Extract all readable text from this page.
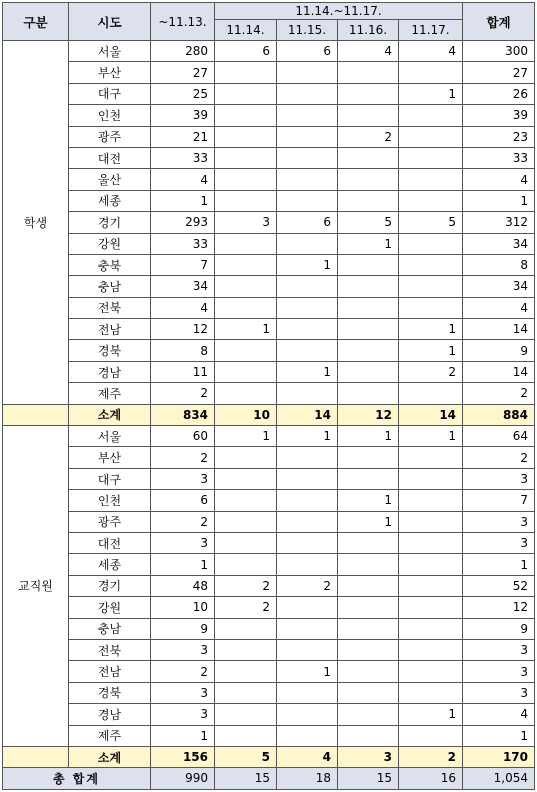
구분	시도	~11.13.	11.14.~11.17.				합계
			11.14.	11.15.	11.16.	11.17.	
학생	서울	280	6	6	4	4	300
	부산	27					27
	대구	25				1	26
	인천	39					39
	광주	21			2		23
	대전	33					33
	울산	4					4
	세종	1					1
	경기	293	3	6	5	5	312
	강원	33			1		34
	충북	7		1			8
	충남	34					34
	전북	4					4
	전남	12	1			1	14
	경북	8				1	9
	경남	11		1		2	14
	제주	2					2
	소계	834	10	14	12	14	884
교직원	서울	60	1	1	1	1	64
	부산	2					2
	대구	3					3
	인천	6			1		7
	광주	2			1		3
	대전	3					3
	세종	1					1
	경기	48	2	2			52
	강원	10	2				12
	충남	9					9
	전북	3					3
	전남	2		1			3
	경북	3					3
	경남	3				1	4
	제주	1					1
	소계	156	5	4	3	2	170
총 합계		990	15	18	15	16	1,054
